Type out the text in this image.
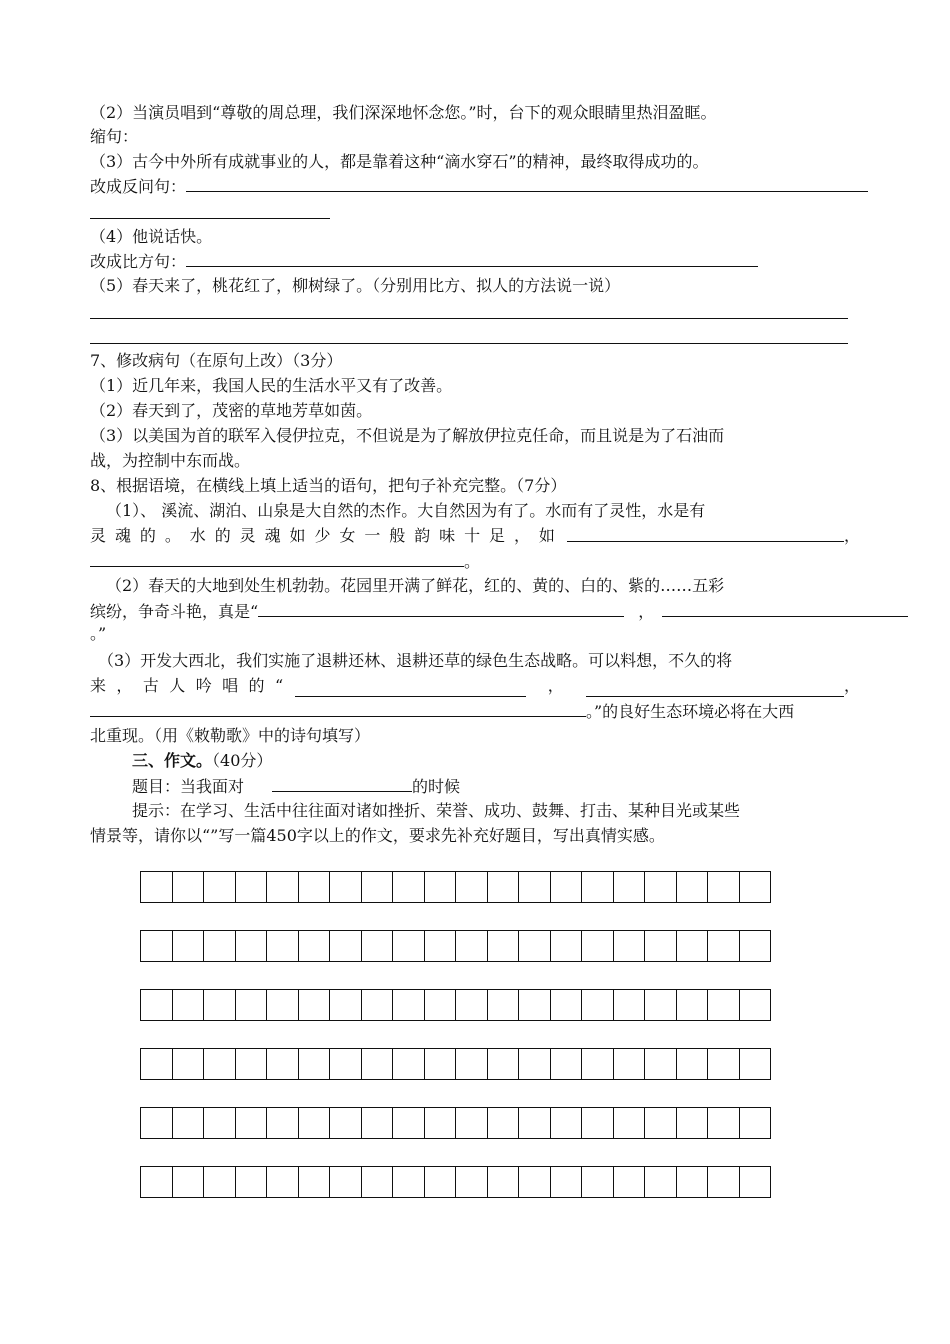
（2）当演员唱到“尊敬的周总理，我们深深地怀念您。”时，台下的观众眼睛里热泪盈眶。
缩句：
（3）古今中外所有成就事业的人，都是靠着这种“滴水穿石”的精神，最终取得成功的。
改成反问句：
（4）他说话快。
改成比方句：
（5）春天来了，桃花红了，柳树绿了。（分别用比方、拟人的方法说一说）
7、修改病句（在原句上改）（3分）
（1）近几年来，我国人民的生活水平又有了改善。
（2）春天到了，茂密的草地芳草如茵。
（3）以美国为首的联军入侵伊拉克，不但说是为了解放伊拉克任命，而且说是为了石油而
战，为控制中东而战。
8、根据语境，在横线上填上适当的语句，把句子补充完整。（7分）
（1）、 溪流、湖泊、山泉是大自然的杰作。大自然因为有了。水而有了灵性，水是有
灵 魂 的 。 水 的 灵 魂 如 少 女 一 般 韵 味 十 足 ， 如	，
。
（2）春天的大地到处生机勃勃。花园里开满了鲜花，红的、黄的、白的、紫的……五彩
缤纷，争奇斗艳，真是“	，
。”
（3）开发大西北，我们实施了退耕还林、退耕还草的绿色生态战略。可以料想，不久的将
来 ， 古 人 吟 唱 的 “	，	，
。”的良好生态环境必将在大西
北重现。（用《敕勒歌》中的诗句填写）
三、作文。（40分）
题目：当我面对	的时候
提示：在学习、生活中往往面对诸如挫折、荣誉、成功、鼓舞、打击、某种目光或某些
情景等，请你以“”写一篇450字以上的作文，要求先补充好题目，写出真情实感。
